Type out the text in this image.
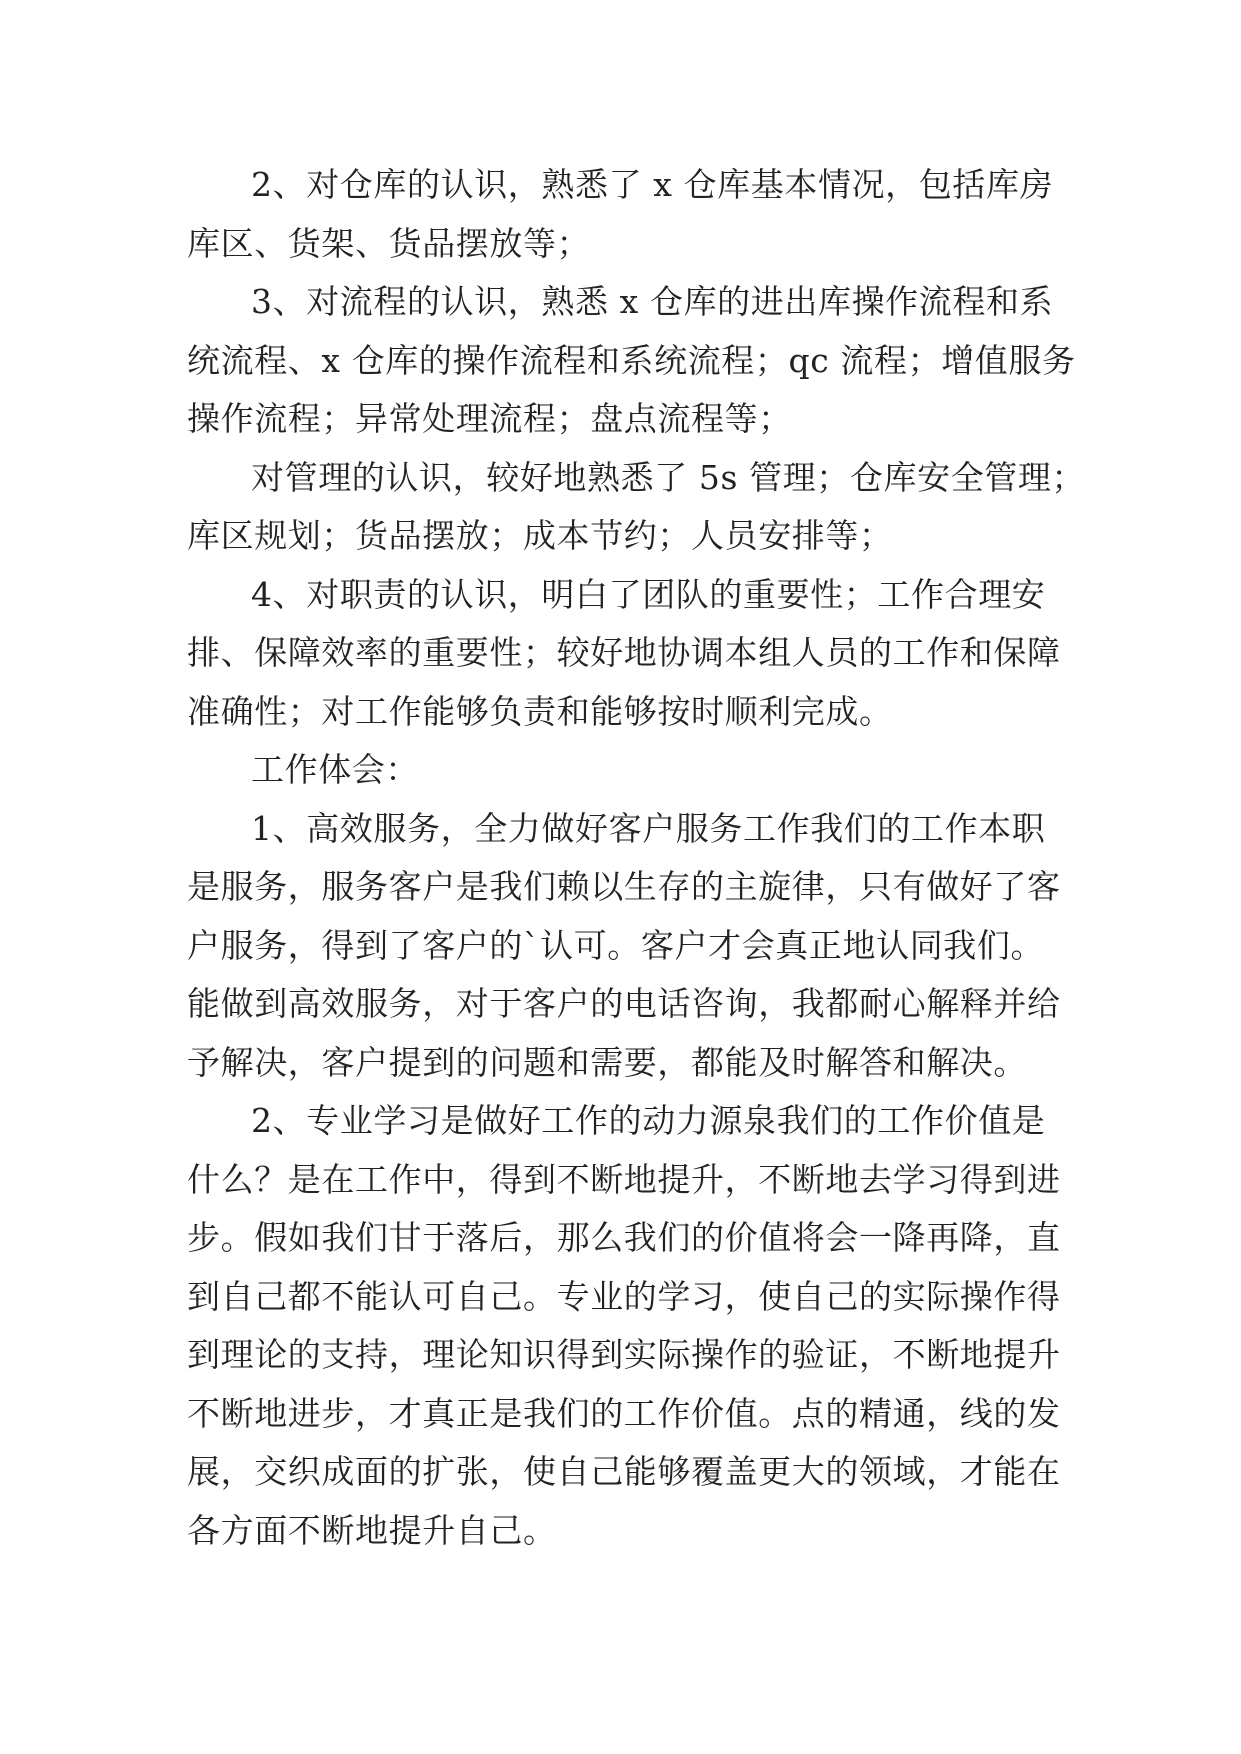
2、对仓库的认识，熟悉了 x 仓库基本情况，包括库房
库区、货架、货品摆放等；
3、对流程的认识，熟悉 x 仓库的进出库操作流程和系
统流程、x 仓库的操作流程和系统流程；qc 流程；增值服务
操作流程；异常处理流程；盘点流程等；
对管理的认识，较好地熟悉了 5s 管理；仓库安全管理；
库区规划；货品摆放；成本节约；人员安排等；
4、对职责的认识，明白了团队的重要性；工作合理安
排、保障效率的重要性；较好地协调本组人员的工作和保障
准确性；对工作能够负责和能够按时顺利完成。
工作体会：
1、高效服务，全力做好客户服务工作我们的工作本职
是服务，服务客户是我们赖以生存的主旋律，只有做好了客
户服务，得到了客户的`认可。客户才会真正地认同我们。
能做到高效服务，对于客户的电话咨询，我都耐心解释并给
予解决，客户提到的问题和需要，都能及时解答和解决。
2、专业学习是做好工作的动力源泉我们的工作价值是
什么？是在工作中，得到不断地提升，不断地去学习得到进
步。假如我们甘于落后，那么我们的价值将会一降再降，直
到自己都不能认可自己。专业的学习，使自己的实际操作得
到理论的支持，理论知识得到实际操作的验证，不断地提升
不断地进步，才真正是我们的工作价值。点的精通，线的发
展，交织成面的扩张，使自己能够覆盖更大的领域，才能在
各方面不断地提升自己。
